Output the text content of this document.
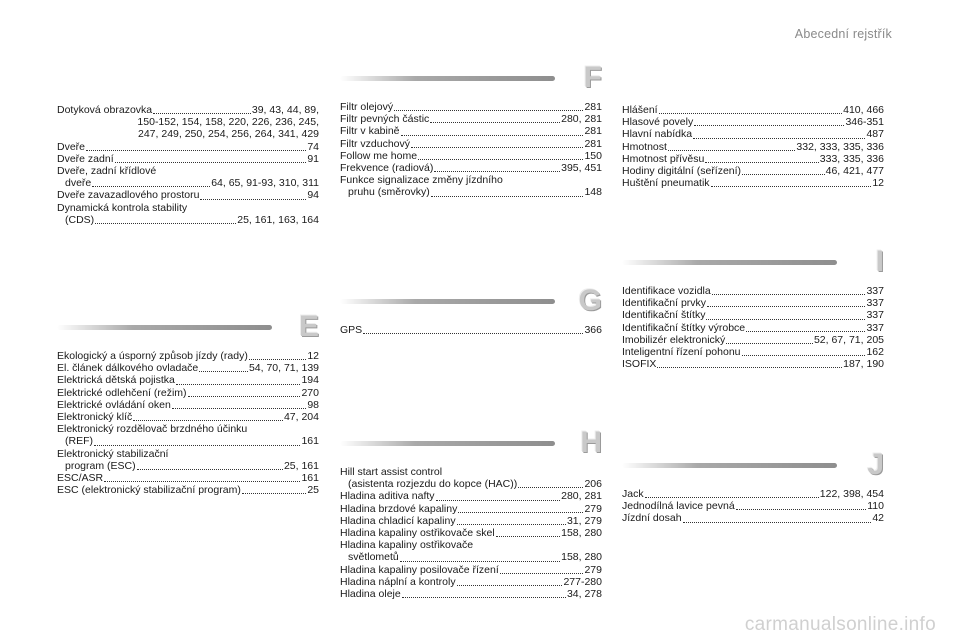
Abecední rejstřík
Dotyková obrazovka	39, 43, 44, 89,
150-152, 154, 158, 220, 226, 236, 245,
247, 249, 250, 254, 256, 264, 341, 429
Dveře	74
Dveře zadní	91
Dveře, zadní křídlové
dveře	64, 65, 91-93, 310, 311
Dveře zavazadlového prostoru	94
Dynamická kontrola stability
(CDS)	25, 161, 163, 164
E
Ekologický a úsporný způsob jízdy (rady)	12
El. článek dálkového ovladače	54, 70, 71, 139
Elektrická dětská pojistka	194
Elektrické odlehčení (režim)	270
Elektrické ovládání oken	98
Elektronický klíč	47, 204
Elektronický rozdělovač brzdného účinku
(REF)	161
Elektronický stabilizační
program (ESC)	25, 161
ESC/ASR	161
ESC (elektronický stabilizační program)	25
F
Filtr olejový	281
Filtr pevných částic	280, 281
Filtr v kabině	281
Filtr vzduchový	281
Follow me home	150
Frekvence (radiová)	395, 451
Funkce signalizace změny jízdního
pruhu (směrovky)	148
G
GPS	366
H
Hill start assist control
(asistenta rozjezdu do kopce (HAC))	206
Hladina aditiva nafty	280, 281
Hladina brzdové kapaliny	279
Hladina chladicí kapaliny	31, 279
Hladina kapaliny ostřikovače skel	158, 280
Hladina kapaliny ostřikovače
světlometů	158, 280
Hladina kapaliny posilovače řízení	279
Hladina náplní a kontroly	277-280
Hladina oleje	34, 278
Hlášení	410, 466
Hlasové povely	346-351
Hlavní nabídka	487
Hmotnost	332, 333, 335, 336
Hmotnost přívěsu	333, 335, 336
Hodiny digitální (seřízení)	46, 421, 477
Huštění pneumatik	12
I
Identifikace vozidla	337
Identifikační prvky	337
Identifikační štítky	337
Identifikační štítky výrobce	337
Imobilizér elektronický	52, 67, 71, 205
Inteligentní řízení pohonu	162
ISOFIX	187, 190
J
Jack	122, 398, 454
Jednodílná lavice pevná	110
Jízdní dosah	42
carmanualsonline.info
